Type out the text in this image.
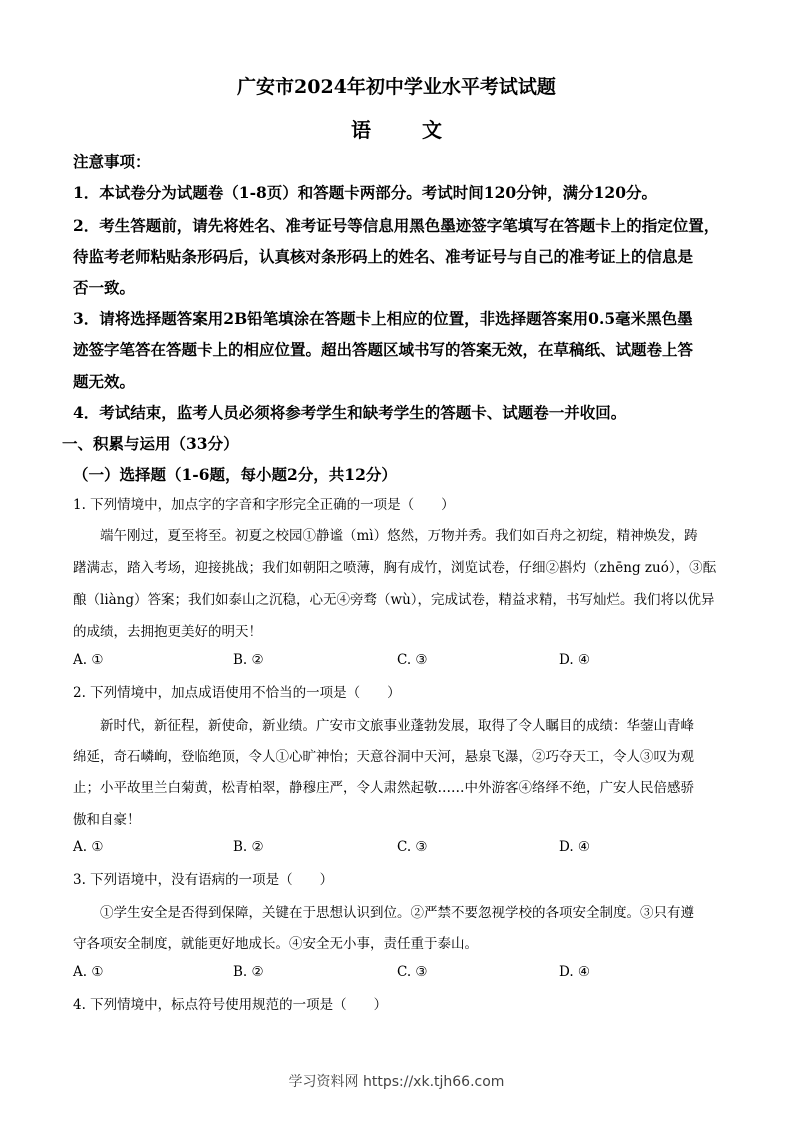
广安市2024年初中学业水平考试试题
语 文
注意事项：
1．本试卷分为试题卷（1-8页）和答题卡两部分。考试时间120分钟，满分120分。
2．考生答题前，请先将姓名、准考证号等信息用黑色墨迹签字笔填写在答题卡上的指定位置，
待监考老师粘贴条形码后，认真核对条形码上的姓名、准考证号与自己的准考证上的信息是
否一致。
3．请将选择题答案用2B铅笔填涂在答题卡上相应的位置，非选择题答案用0.5毫米黑色墨
迹签字笔答在答题卡上的相应位置。超出答题区域书写的答案无效，在草稿纸、试题卷上答
题无效。
4．考试结束，监考人员必须将参考学生和缺考学生的答题卡、试题卷一并收回。
一、积累与运用（33分）
（一）选择题（1-6题，每小题2分，共12分）
1. 下列情境中，加点字的字音和字形完全正确的一项是（　　）
　　端午刚过，夏至将至。初夏之校园①静谧（mì）悠然，万物并秀。我们如百舟之初绽，精神焕发，踌
躇满志，踏入考场，迎接挑战；我们如朝阳之喷薄，胸有成竹，浏览试卷，仔细②斟灼（zhēng zuó），③酝
酿（liàng）答案；我们如泰山之沉稳，心无④旁骛（wù），完成试卷，精益求精，书写灿烂。我们将以优异
的成绩，去拥抱更美好的明天！
A. ①	B. ②	C. ③	D. ④
2. 下列情境中，加点成语使用不恰当的一项是（　　）
　　新时代，新征程，新使命，新业绩。广安市文旅事业蓬勃发展，取得了令人瞩目的成绩：华蓥山青峰
绵延，奇石嶙峋，登临绝顶，令人①心旷神怡；天意谷洞中天河，悬泉飞瀑，②巧夺天工，令人③叹为观
止；小平故里兰白菊黄，松青柏翠，静穆庄严，令人肃然起敬……中外游客④络绎不绝，广安人民倍感骄
傲和自豪！
A. ①	B. ②	C. ③	D. ④
3. 下列语境中，没有语病的一项是（　　）
　　①学生安全是否得到保障，关键在于思想认识到位。②严禁不要忽视学校的各项安全制度。③只有遵
守各项安全制度，就能更好地成长。④安全无小事，责任重于泰山。
A. ①	B. ②	C. ③	D. ④
4. 下列情境中，标点符号使用规范的一项是（　　）
学习资料网 https://xk.tjh66.com
